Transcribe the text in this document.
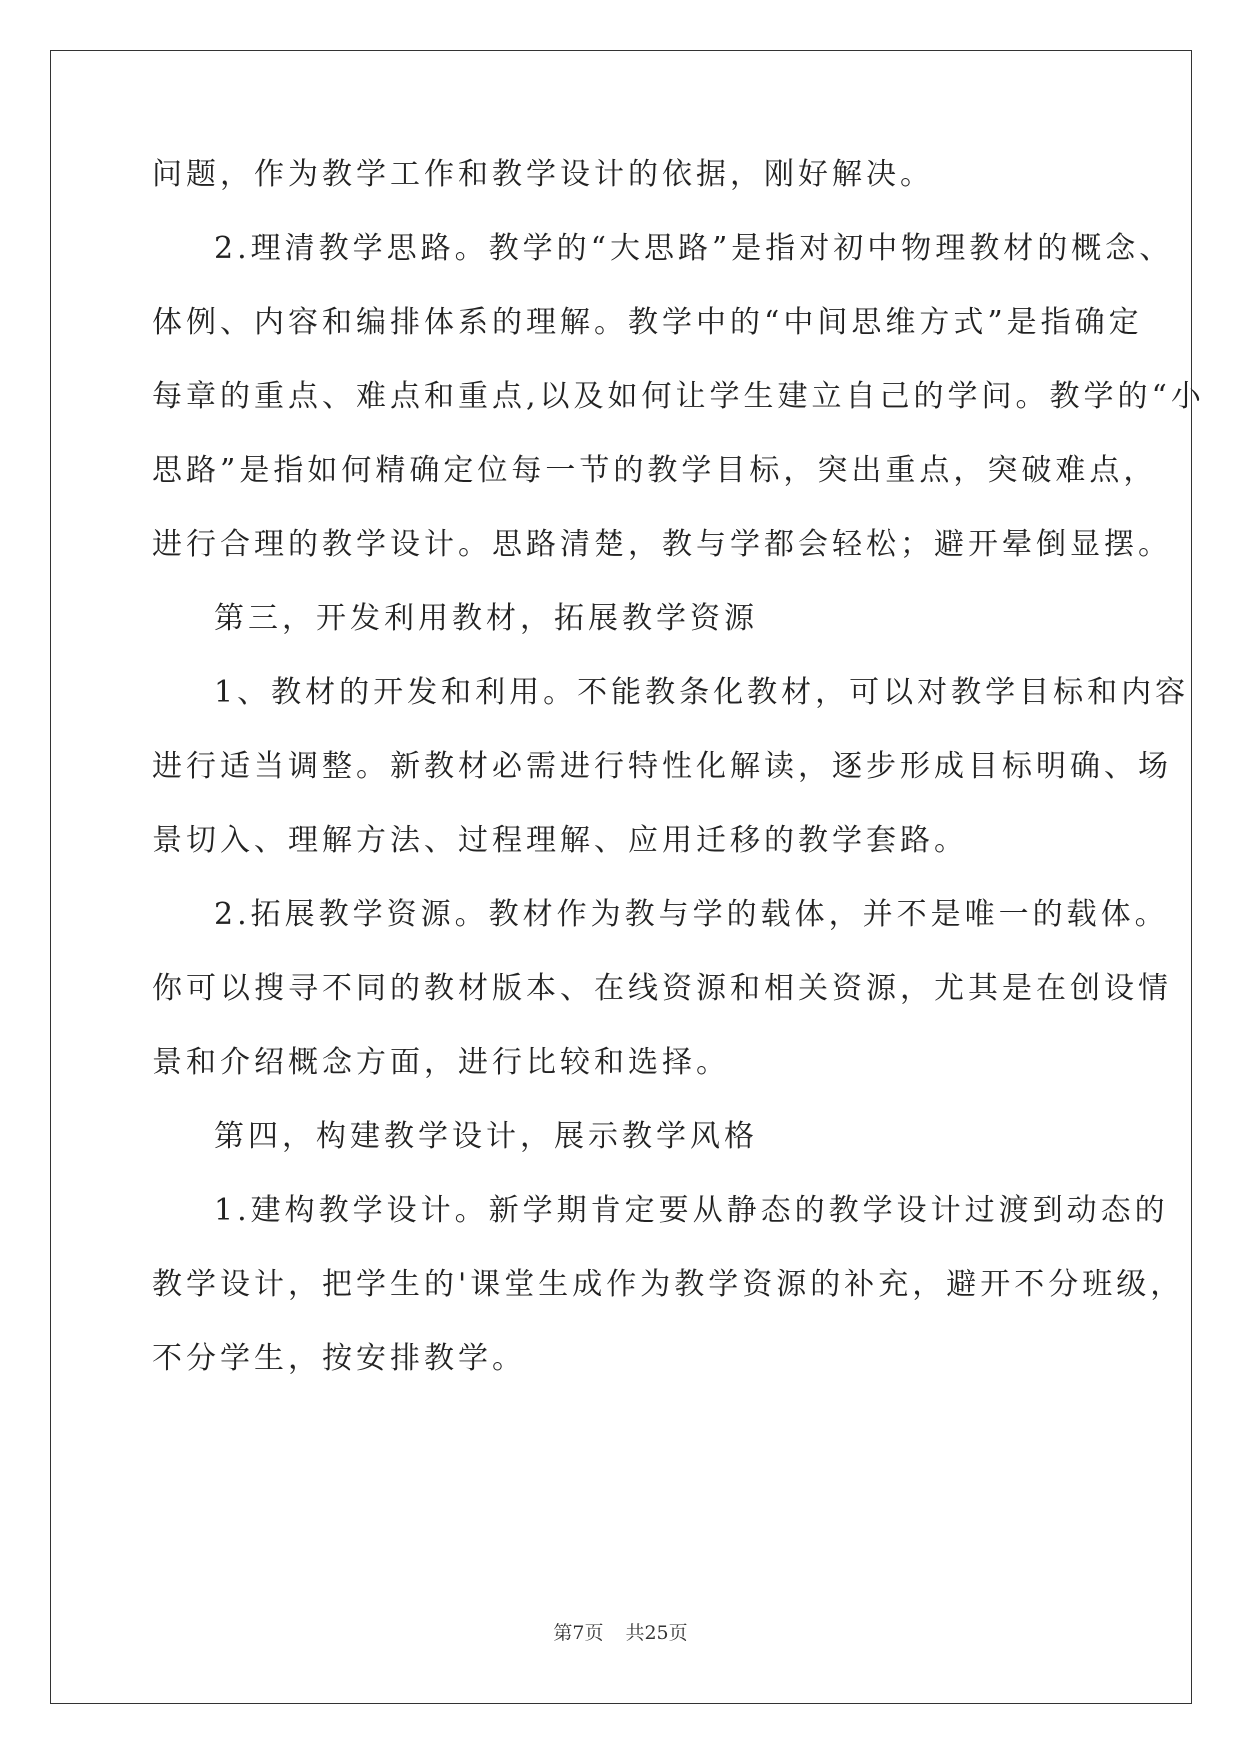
问题，作为教学工作和教学设计的依据，刚好解决。
2.理清教学思路。教学的“大思路”是指对初中物理教材的概念、
体例、内容和编排体系的理解。教学中的“中间思维方式”是指确定
每章的重点、难点和重点,以及如何让学生建立自己的学问。教学的“小
思路”是指如何精确定位每一节的教学目标，突出重点，突破难点，
进行合理的教学设计。思路清楚，教与学都会轻松；避开晕倒显摆。
第三，开发利用教材，拓展教学资源
1、教材的开发和利用。不能教条化教材，可以对教学目标和内容
进行适当调整。新教材必需进行特性化解读，逐步形成目标明确、场
景切入、理解方法、过程理解、应用迁移的教学套路。
2.拓展教学资源。教材作为教与学的载体，并不是唯一的载体。
你可以搜寻不同的教材版本、在线资源和相关资源，尤其是在创设情
景和介绍概念方面，进行比较和选择。
第四，构建教学设计，展示教学风格
1.建构教学设计。新学期肯定要从静态的教学设计过渡到动态的
教学设计，把学生的'课堂生成作为教学资源的补充，避开不分班级，
不分学生，按安排教学。
第7页 共25页
